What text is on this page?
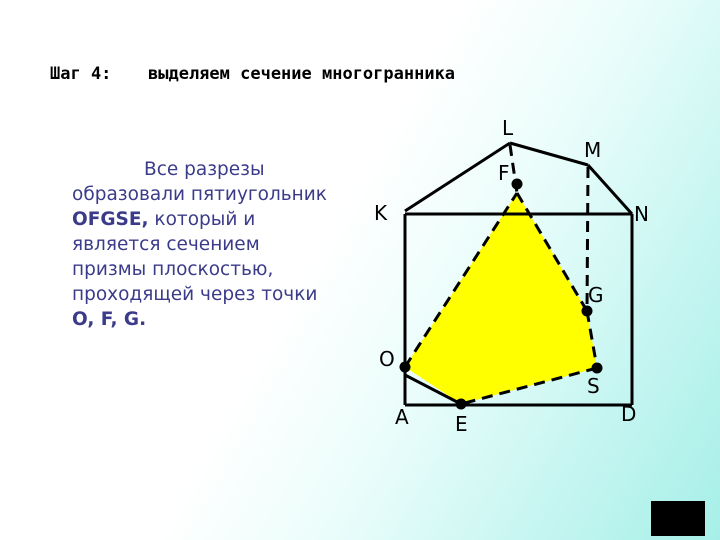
Шаг 4: выделяем сечение многогранника
Все разрезы
образовали пятиугольник
OFGSE, который и
является сечением
призмы плоскостью,
проходящей через точки
O, F, G.
L
M
F
K	N
G
O
S
A E	D
